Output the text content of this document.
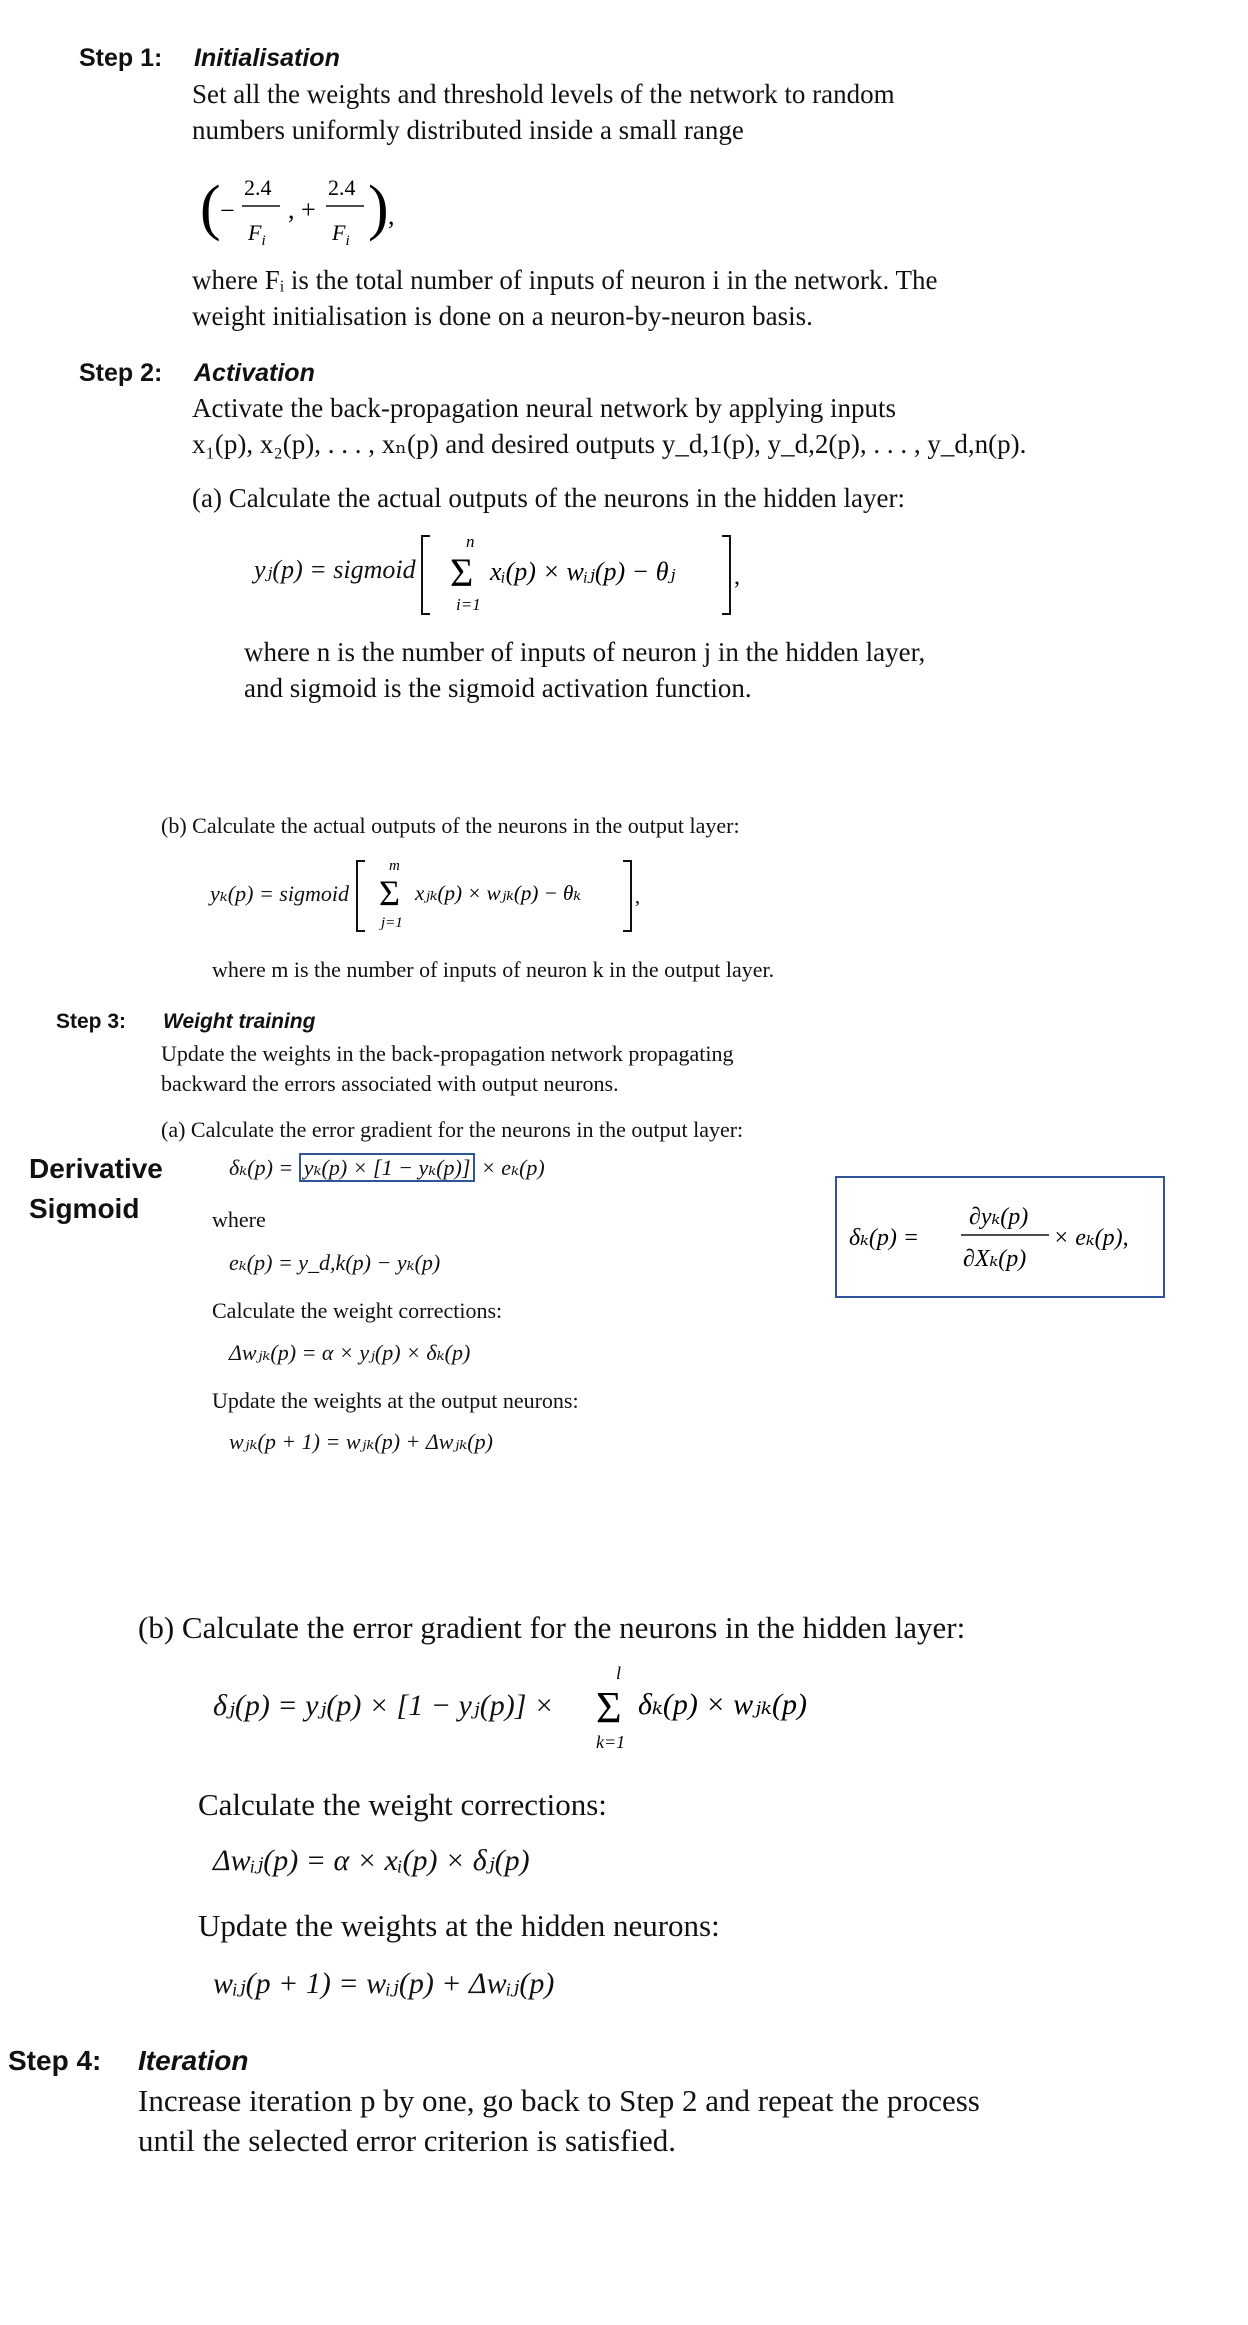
Step 1: Initialisation
Set all the weights and threshold levels of the network to random
numbers uniformly distributed inside a small range
( −
2.4
$F_i$
, +
2.4
$F_i$ ) ,
where Fᵢ is the total number of inputs of neuron i in the network. The
weight initialisation is done on a neuron-by-neuron basis.
Step 2: Activation
Activate the back-propagation neural network by applying inputs
x₁(p), x₂(p), . . . , xₙ(p) and desired outputs y_d,1(p), y_d,2(p), . . . , y_d,n(p).
(a) Calculate the actual outputs of the neurons in the hidden layer:
yⱼ(p) = sigmoid
n
Σ
i=1
xᵢ(p) × wᵢⱼ(p) − θⱼ ,
where n is the number of inputs of neuron j in the hidden layer,
and sigmoid is the sigmoid activation function.
(b) Calculate the actual outputs of the neurons in the output layer:
yₖ(p) = sigmoid
m
Σ
j=1
xⱼₖ(p) × wⱼₖ(p) − θₖ	,
where m is the number of inputs of neuron k in the output layer.
Step 3: Weight training
Update the weights in the back-propagation network propagating
backward the errors associated with output neurons.
(a) Calculate the error gradient for the neurons in the output layer:
Derivative
Sigmoid
δₖ(p) = yₖ(p) × [1 − yₖ(p)] × eₖ(p)
where
eₖ(p) = y_d,k(p) − yₖ(p)
Calculate the weight corrections:
Δwⱼₖ(p) = α × yⱼ(p) × δₖ(p)
Update the weights at the output neurons:
wⱼₖ(p + 1) = wⱼₖ(p) + Δwⱼₖ(p)
δₖ(p) =
∂yₖ(p)
∂Xₖ(p)
× eₖ(p),
(b) Calculate the error gradient for the neurons in the hidden layer:
δⱼ(p) = yⱼ(p) × [1 − yⱼ(p)] ×
l
Σ
k=1
δₖ(p) × wⱼₖ(p)
Calculate the weight corrections:
Δwᵢⱼ(p) = α × xᵢ(p) × δⱼ(p)
Update the weights at the hidden neurons:
wᵢⱼ(p + 1) = wᵢⱼ(p) + Δwᵢⱼ(p)
Step 4: Iteration
Increase iteration p by one, go back to Step 2 and repeat the process
until the selected error criterion is satisfied.
